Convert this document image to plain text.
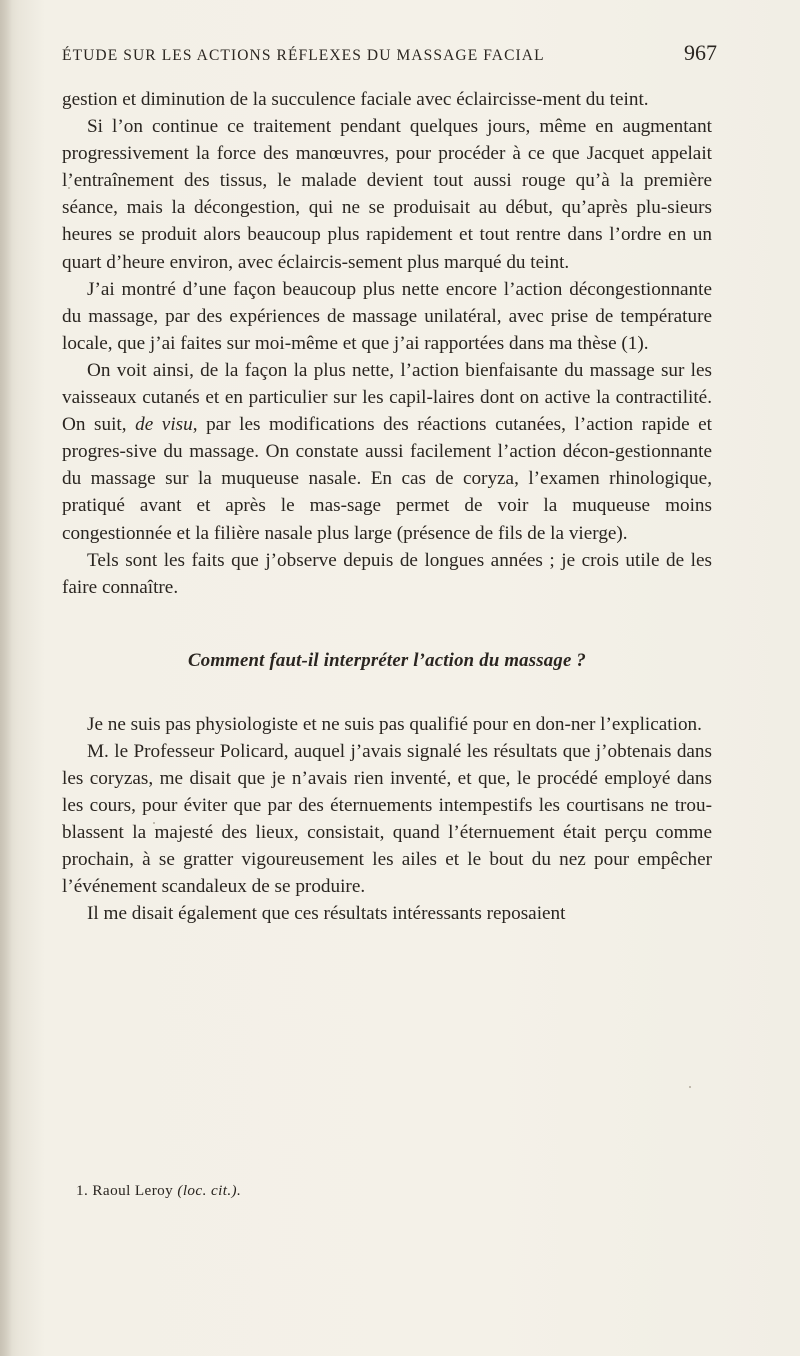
ÉTUDE SUR LES ACTIONS RÉFLEXES DU MASSAGE FACIAL	967

gestion et diminution de la succulence faciale avec éclaircisse-ment du teint.

Si l’on continue ce traitement pendant quelques jours, même en augmentant progressivement la force des manœuvres, pour procéder à ce que Jacquet appelait l’entraînement des tissus, le malade devient tout aussi rouge qu’à la première séance, mais la décongestion, qui ne se produisait au début, qu’après plu-sieurs heures se produit alors beaucoup plus rapidement et tout rentre dans l’ordre en un quart d’heure environ, avec éclaircis-sement plus marqué du teint.

J’ai montré d’une façon beaucoup plus nette encore l’action décongestionnante du massage, par des expériences de massage unilatéral, avec prise de température locale, que j’ai faites sur moi-même et que j’ai rapportées dans ma thèse (1).

On voit ainsi, de la façon la plus nette, l’action bienfaisante du massage sur les vaisseaux cutanés et en particulier sur les capil-laires dont on active la contractilité. On suit, de visu, par les modifications des réactions cutanées, l’action rapide et progres-sive du massage. On constate aussi facilement l’action décon-gestionnante du massage sur la muqueuse nasale. En cas de coryza, l’examen rhinologique, pratiqué avant et après le mas-sage permet de voir la muqueuse moins congestionnée et la filière nasale plus large (présence de fils de la vierge).

Tels sont les faits que j’observe depuis de longues années ; je crois utile de les faire connaître.

Comment faut-il interpréter l’action du massage ?

Je ne suis pas physiologiste et ne suis pas qualifié pour en don-ner l’explication.

M. le Professeur Policard, auquel j’avais signalé les résultats que j’obtenais dans les coryzas, me disait que je n’avais rien inventé, et que, le procédé employé dans les cours, pour éviter que par des éternuements intempestifs les courtisans ne trou-blassent la majesté des lieux, consistait, quand l’éternuement était perçu comme prochain, à se gratter vigoureusement les ailes et le bout du nez pour empêcher l’événement scandaleux de se produire.

Il me disait également que ces résultats intéressants reposaient

1. Raoul Leroy (loc. cit.).
